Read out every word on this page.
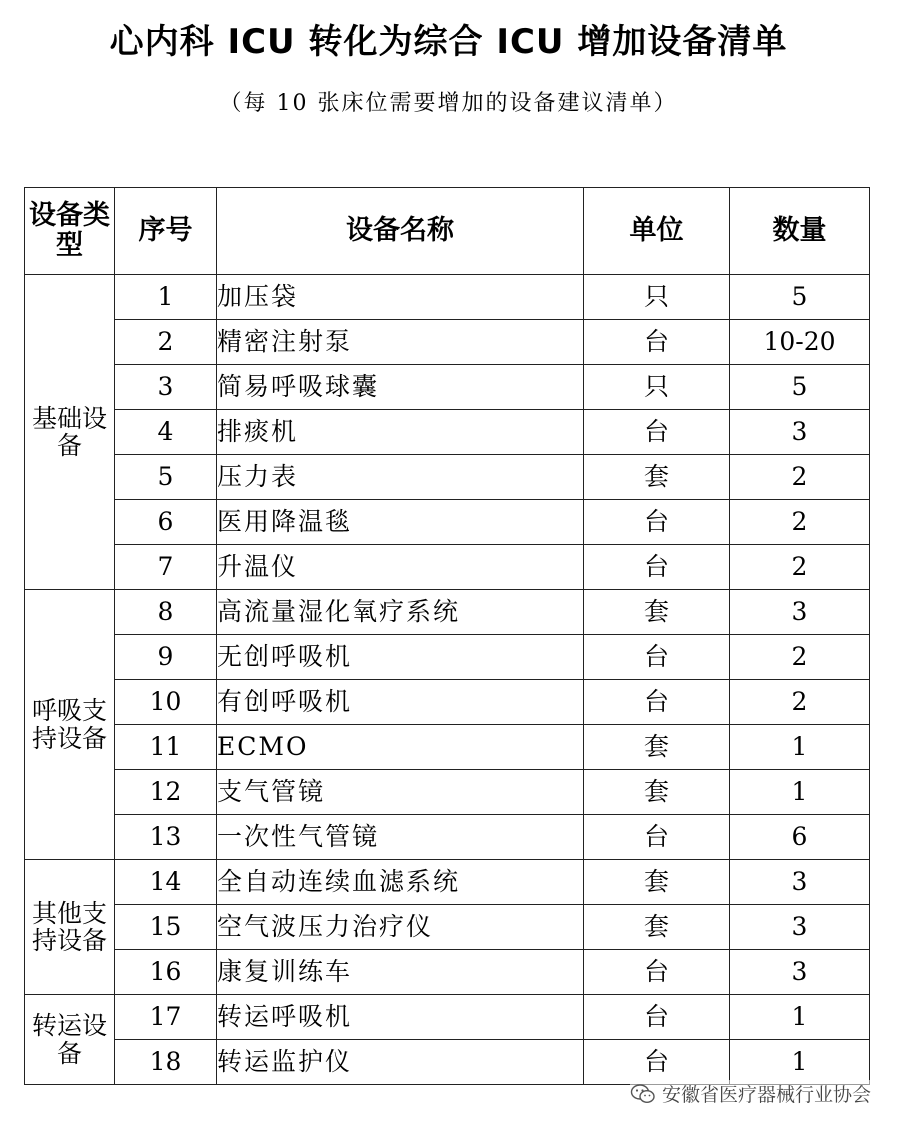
心内科 ICU 转化为综合 ICU 增加设备清单

（每 10 张床位需要增加的设备建议清单）

设备类型	序号	设备名称	单位	数量
基础设备	1	加压袋	只	5
	2	精密注射泵	台	10-20
	3	简易呼吸球囊	只	5
	4	排痰机	台	3
	5	压力表	套	2
	6	医用降温毯	台	2
	7	升温仪	台	2
呼吸支持设备	8	高流量湿化氧疗系统	套	3
	9	无创呼吸机	台	2
	10	有创呼吸机	台	2
	11	ECMO	套	1
	12	支气管镜	套	1
	13	一次性气管镜	台	6
其他支持设备	14	全自动连续血滤系统	套	3
	15	空气波压力治疗仪	套	3
	16	康复训练车	台	3
转运设备	17	转运呼吸机	台	1
	18	转运监护仪	台	1
安徽省医疗器械行业协会
